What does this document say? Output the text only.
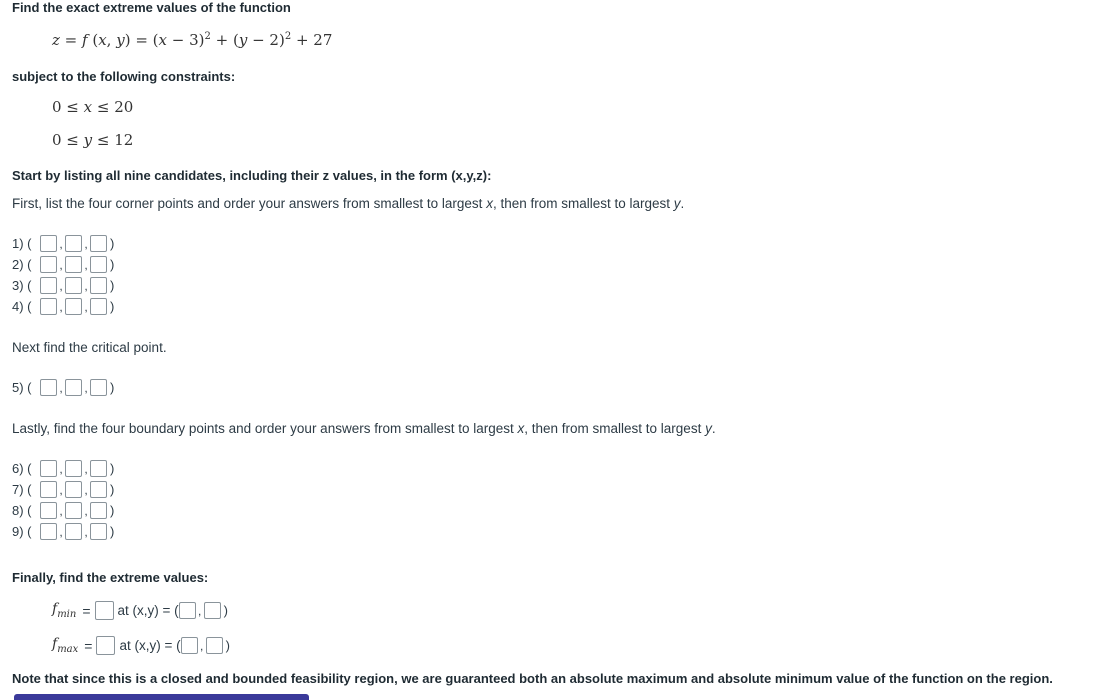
Find the exact extreme values of the function
z = f (x, $y) = (x - 3)^2 + (y - 2)^2 + 27$
subject to the following constraints:
0 ≤ x ≤ 20
0 ≤ y ≤ 12
Start by listing all nine candidates, including their z values, in the form (x,y,z):
First, list the four corner points and order your answers from smallest to largest x, then from smallest to largest y.
1) (	, , )
2) (	, , )
3) (	, , )
4) (	, , )
Next find the critical point.
5) (	, , )
Lastly, find the four boundary points and order your answers from smallest to largest x, then from smallest to largest y.
6) (	, , )
7) (	, , )
8) (	, , )
9) (	, , )
Finally, find the extreme values:
$f_{min}$ = at (x,y) = ( , )
$f_{max}$ = at (x,y) = ( , )
Note that since this is a closed and bounded feasibility region, we are guaranteed both an absolute maximum and absolute minimum value of the function on the region.
